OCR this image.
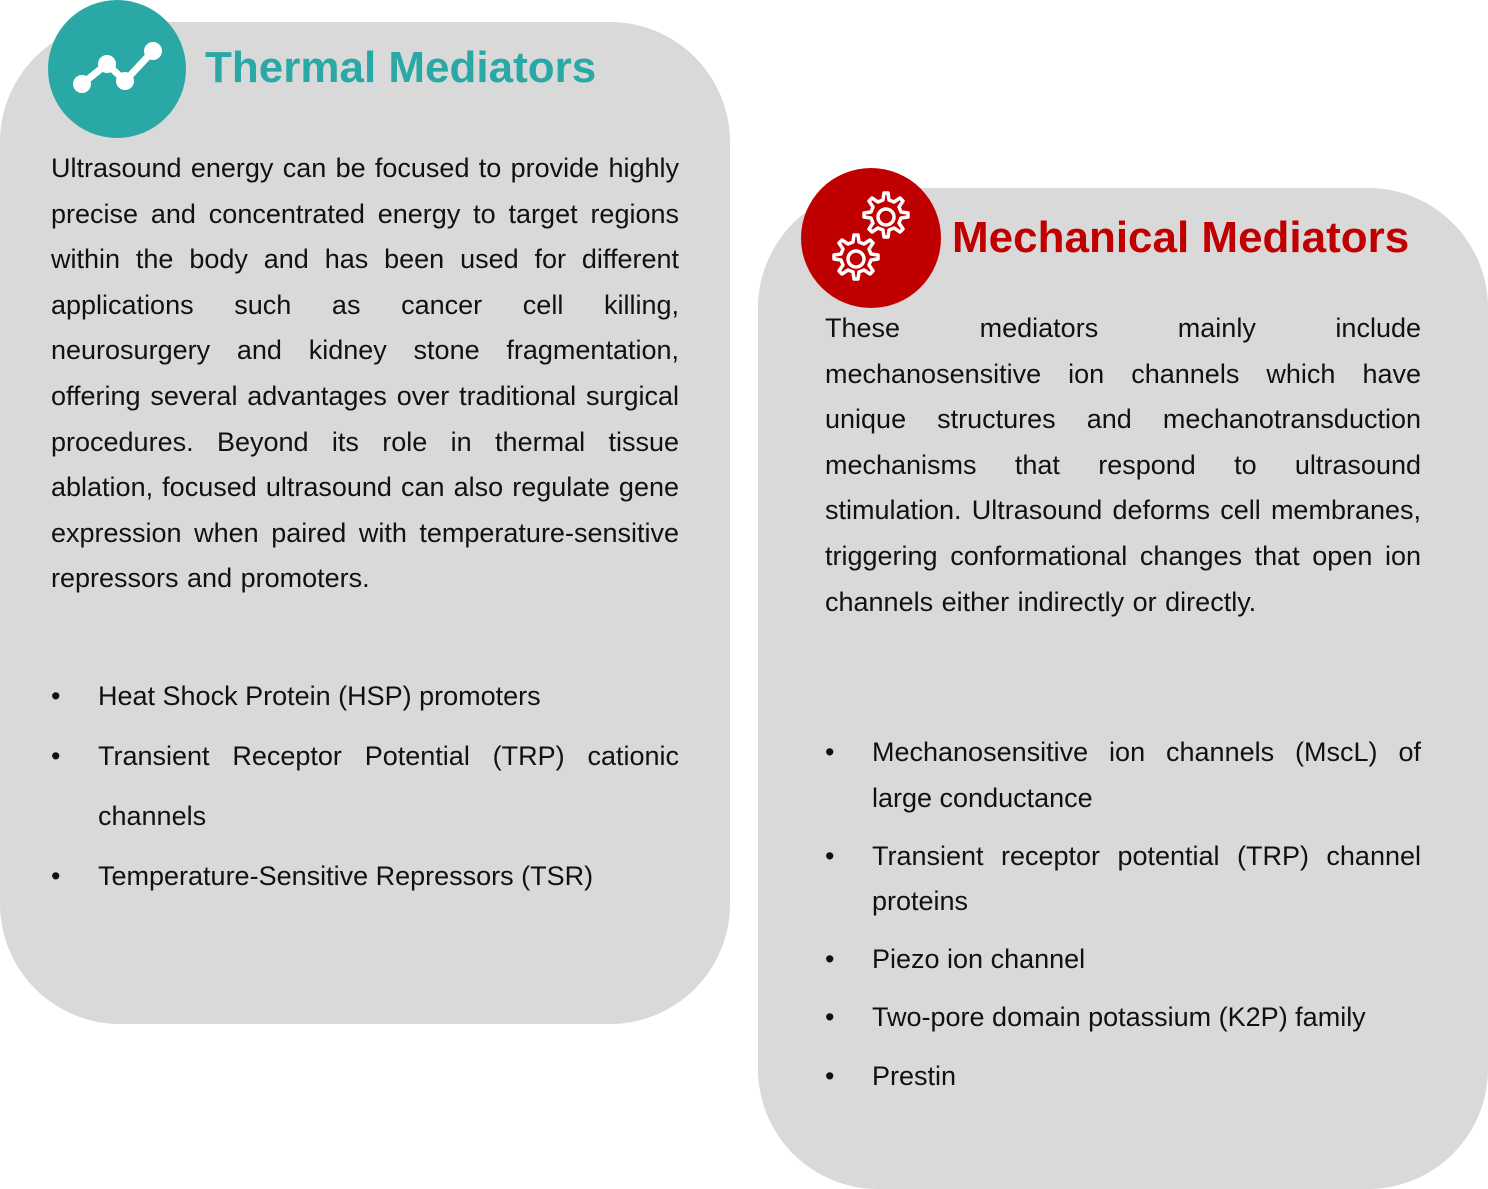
Thermal Mediators

Ultrasound energy can be focused to provide highly precise and concentrated energy to target regions within the body and has been used for different applications such as cancer cell killing, neurosurgery and kidney stone fragmentation, offering several advantages over traditional surgical procedures. Beyond its role in thermal tissue ablation, focused ultrasound can also regulate gene expression when paired with temperature-sensitive repressors and promoters.

• Heat Shock Protein (HSP) promoters
• Transient Receptor Potential (TRP) cationic channels
• Temperature-Sensitive Repressors (TSR)
Mechanical Mediators

These mediators mainly include mechanosensitive ion channels which have unique structures and mechanotransduction mechanisms that respond to ultrasound stimulation. Ultrasound deforms cell membranes, triggering conformational changes that open ion channels either indirectly or directly.

• Mechanosensitive ion channels (MscL) of large conductance
• Transient receptor potential (TRP) channel proteins
• Piezo ion channel
• Two-pore domain potassium (K2P) family
• Prestin
